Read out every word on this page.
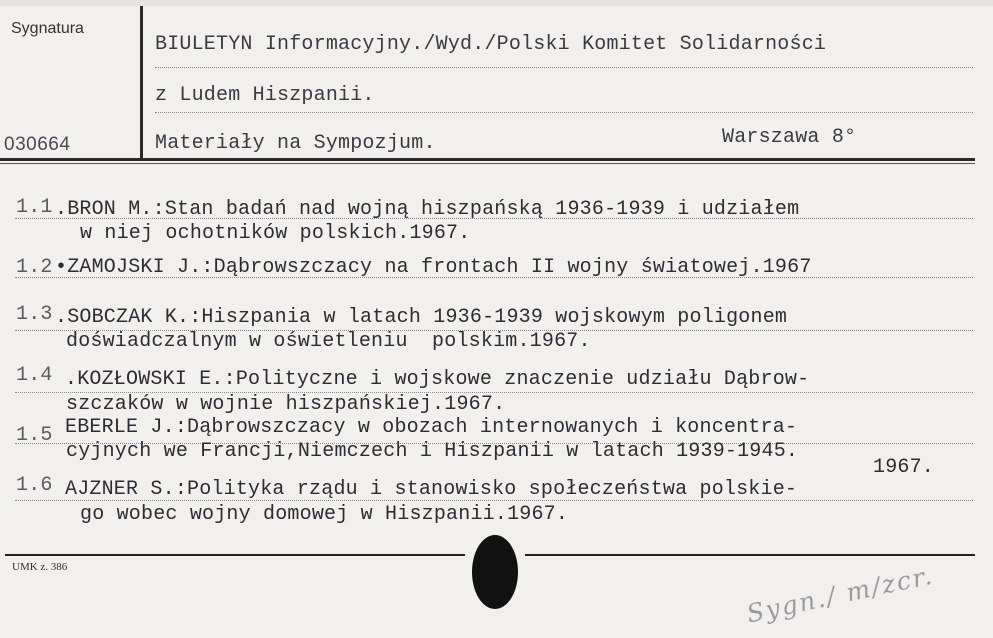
Sygnatura
030664
BIULETYN Informacyjny./Wyd./Polski Komitet Solidarności
z Ludem Hiszpanii.
Materiały na Sympozjum.	Warszawa 8°
1.1 .BRON M.:Stan badań nad wojną hiszpańską 1936-1939 i udziałem
w niej ochotników polskich.1967.
1.2 •ZAMOJSKI J.:Dąbrowszczacy na frontach II wojny światowej.1967
1.3 .SOBCZAK K.:Hiszpania w latach 1936-1939 wojskowym poligonem
doświadczalnym w oświetleniu  polskim.1967.
1.4 .KOZŁOWSKI E.:Polityczne i wojskowe znaczenie udziału Dąbrow-
szczaków w wojnie hiszpańskiej.1967.
1.5 EBERLE J.:Dąbrowszczacy w obozach internowanych i koncentra-
cyjnych we Francji,Niemczech i Hiszpanii w latach 1939-1945.
1967.
1.6 AJZNER S.:Polityka rządu i stanowisko społeczeństwa polskie-
go wobec wojny domowej w Hiszpanii.1967.
UMK z. 386	Sygn./ m/zcr.
